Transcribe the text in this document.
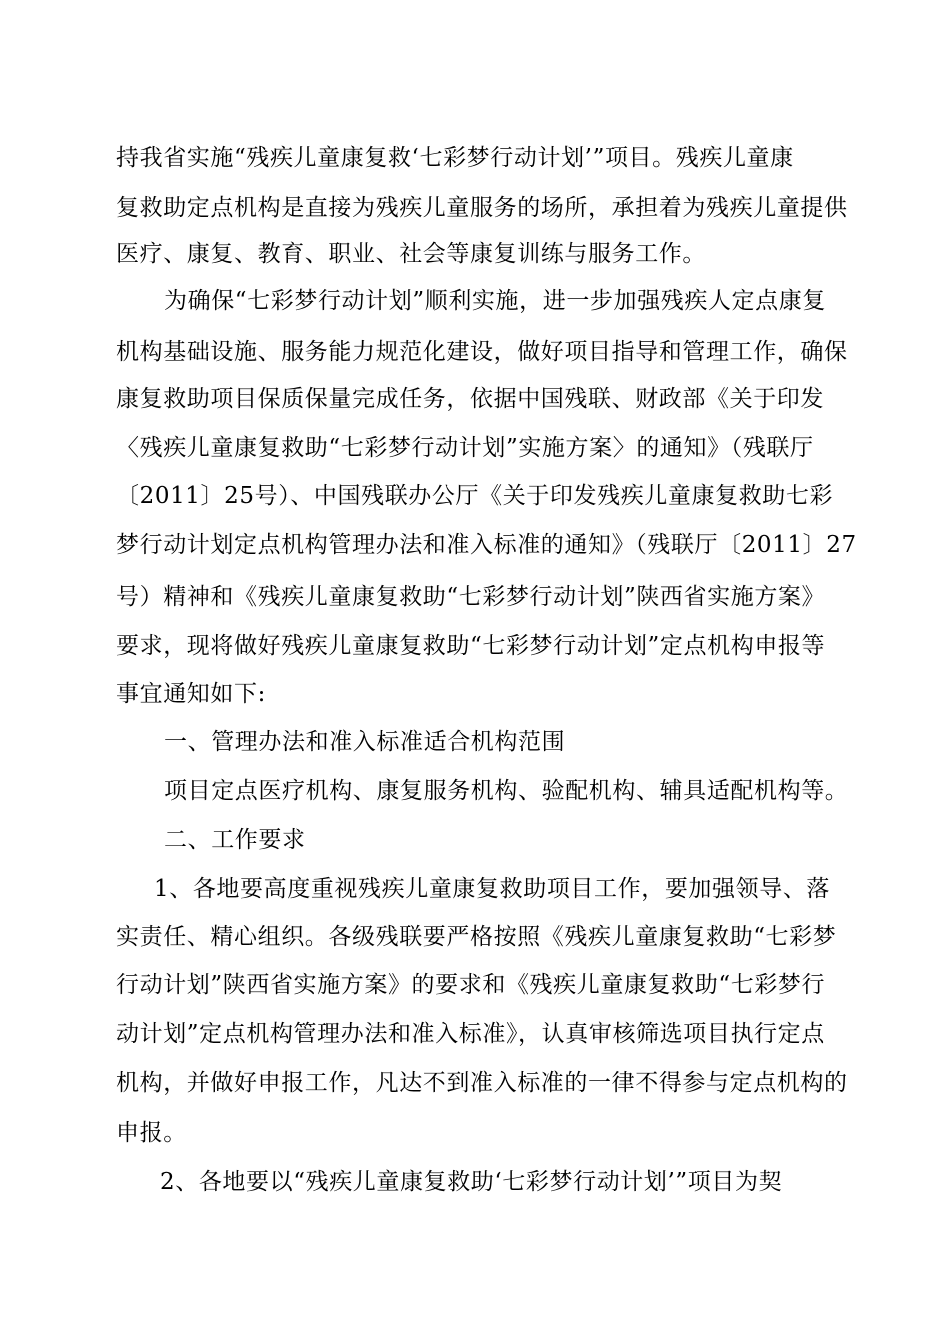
持我省实施“残疾儿童康复救‘七彩梦行动计划’”项目。残疾儿童康
复救助定点机构是直接为残疾儿童服务的场所，承担着为残疾儿童提供
医疗、康复、教育、职业、社会等康复训练与服务工作。
为确保“七彩梦行动计划”顺利实施，进一步加强残疾人定点康复
机构基础设施、服务能力规范化建设，做好项目指导和管理工作，确保
康复救助项目保质保量完成任务，依据中国残联、财政部《关于印发
〈残疾儿童康复救助“七彩梦行动计划”实施方案〉的通知》（残联厅
〔2011〕25号）、中国残联办公厅《关于印发残疾儿童康复救助七彩
梦行动计划定点机构管理办法和准入标准的通知》（残联厅〔2011〕27
号）精神和《残疾儿童康复救助“七彩梦行动计划”陕西省实施方案》
要求，现将做好残疾儿童康复救助“七彩梦行动计划”定点机构申报等
事宜通知如下:
一、管理办法和准入标准适合机构范围
项目定点医疗机构、康复服务机构、验配机构、辅具适配机构等。
二、工作要求
1、各地要高度重视残疾儿童康复救助项目工作，要加强领导、落
实责任、精心组织。各级残联要严格按照《残疾儿童康复救助“七彩梦
行动计划”陕西省实施方案》的要求和《残疾儿童康复救助“七彩梦行
动计划”定点机构管理办法和准入标准》，认真审核筛选项目执行定点
机构，并做好申报工作，凡达不到准入标准的一律不得参与定点机构的
申报。
2、各地要以“残疾儿童康复救助‘七彩梦行动计划’”项目为契
